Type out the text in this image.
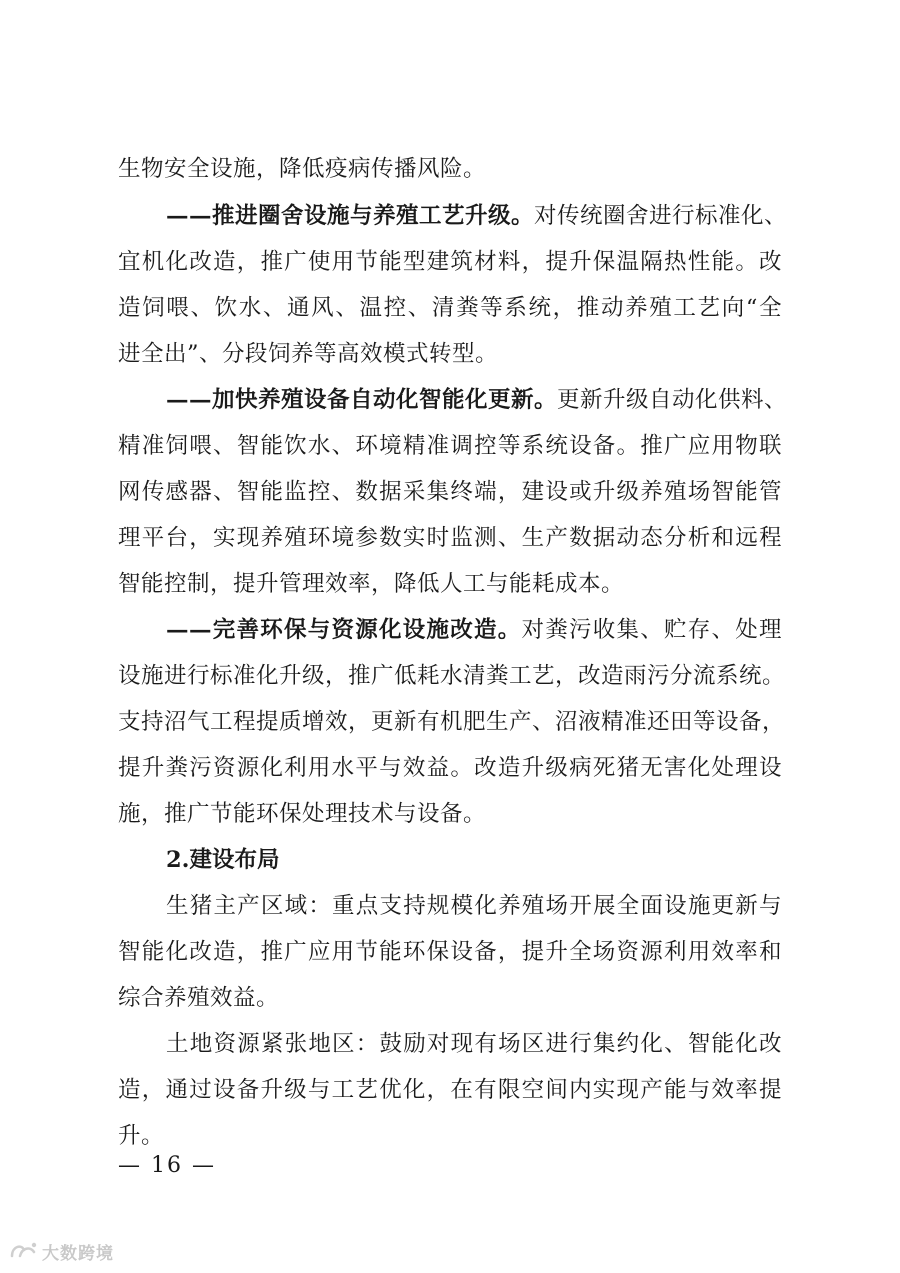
生物安全设施，降低疫病传播风险。
——推进圈舍设施与养殖工艺升级。对传统圈舍进行标准化、
宜机化改造，推广使用节能型建筑材料，提升保温隔热性能。改
造饲喂、饮水、通风、温控、清粪等系统，推动养殖工艺向“全
进全出”、分段饲养等高效模式转型。
——加快养殖设备自动化智能化更新。更新升级自动化供料、
精准饲喂、智能饮水、环境精准调控等系统设备。推广应用物联
网传感器、智能监控、数据采集终端，建设或升级养殖场智能管
理平台，实现养殖环境参数实时监测、生产数据动态分析和远程
智能控制，提升管理效率，降低人工与能耗成本。
——完善环保与资源化设施改造。对粪污收集、贮存、处理
设施进行标准化升级，推广低耗水清粪工艺，改造雨污分流系统。
支持沼气工程提质增效，更新有机肥生产、沼液精准还田等设备，
提升粪污资源化利用水平与效益。改造升级病死猪无害化处理设
施，推广节能环保处理技术与设备。
2.建设布局
生猪主产区域：重点支持规模化养殖场开展全面设施更新与
智能化改造，推广应用节能环保设备，提升全场资源利用效率和
综合养殖效益。
土地资源紧张地区：鼓励对现有场区进行集约化、智能化改
造，通过设备升级与工艺优化，在有限空间内实现产能与效率提
升。
— 16 —
大数跨境
